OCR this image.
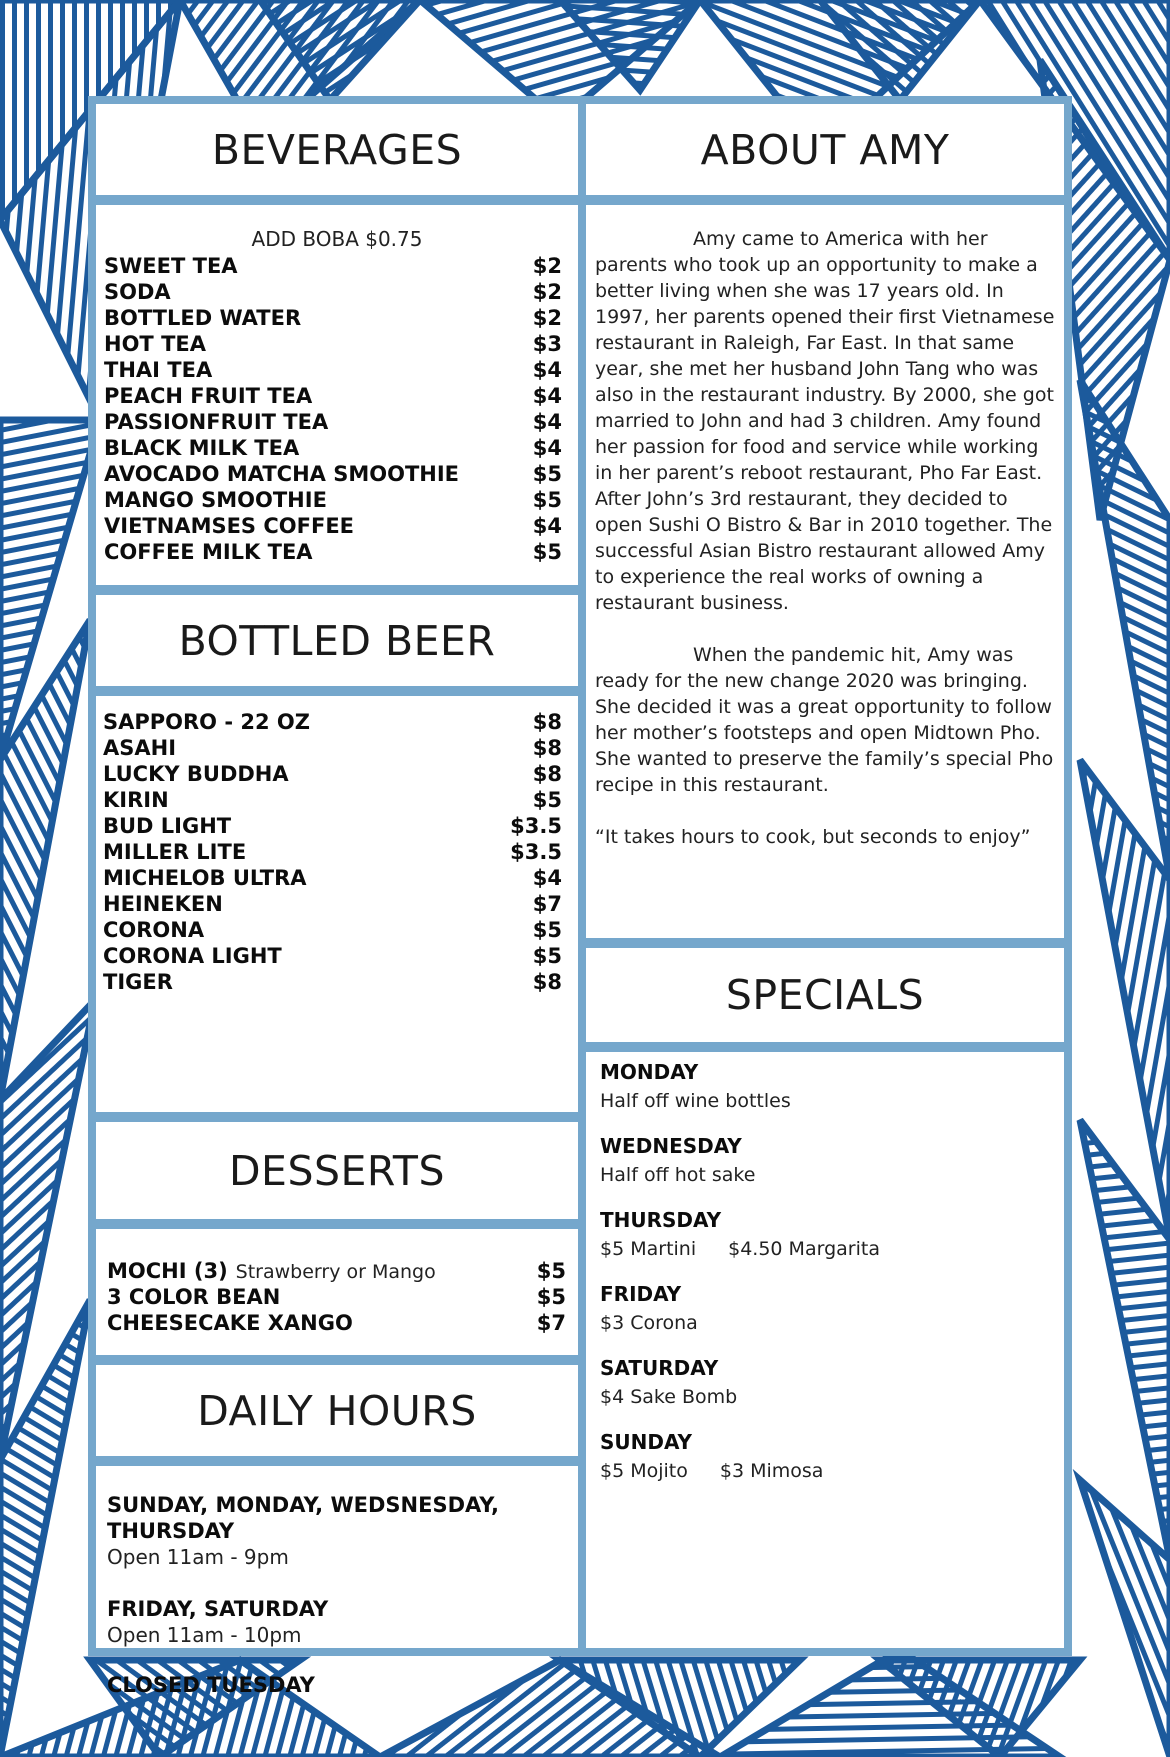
BEVERAGES
ADD BOBA $0.75
SWEET TEA	$2
SODA	$2
BOTTLED WATER	$2
HOT TEA	$3
THAI TEA	$4
PEACH FRUIT TEA	$4
PASSIONFRUIT TEA	$4
BLACK MILK TEA	$4
AVOCADO MATCHA SMOOTHIE	$5
MANGO SMOOTHIE	$5
VIETNAMSES COFFEE	$4
COFFEE MILK TEA	$5
BOTTLED BEER
SAPPORO - 22 OZ	$8
ASAHI	$8
LUCKY BUDDHA	$8
KIRIN	$5
BUD LIGHT	$3.5
MILLER LITE	$3.5
MICHELOB ULTRA	$4
HEINEKEN	$7
CORONA	$5
CORONA LIGHT	$5
TIGER	$8
DESSERTS
MOCHI (3) Strawberry or Mango	$5
3 COLOR BEAN	$5
CHEESECAKE XANGO	$7
DAILY HOURS
SUNDAY, MONDAY, WEDSNESDAY, THURSDAY
Open 11am - 9pm
FRIDAY, SATURDAY
Open 11am - 10pm
CLOSED TUESDAY
ABOUT AMY

Amy came to America with her parents who took up an opportunity to make a better living when she was 17 years old. In 1997, her parents opened their first Vietnamese restaurant in Raleigh, Far East. In that same year, she met her husband John Tang who was also in the restaurant industry. By 2000, she got married to John and had 3 children. Amy found her passion for food and service while working in her parent’s reboot restaurant, Pho Far East. After John’s 3rd restaurant, they decided to open Sushi O Bistro & Bar in 2010 together. The successful Asian Bistro restaurant allowed Amy to experience the real works of owning a restaurant business.

When the pandemic hit, Amy was ready for the new change 2020 was bringing. She decided it was a great opportunity to follow her mother’s footsteps and open Midtown Pho. She wanted to preserve the family’s special Pho recipe in this restaurant.

“It takes hours to cook, but seconds to enjoy”

SPECIALS
MONDAY
Half off wine bottles
WEDNESDAY
Half off hot sake
THURSDAY
$5 Martini $4.50 Margarita
FRIDAY
$3 Corona
SATURDAY
$4 Sake Bomb
SUNDAY
$5 Mojito $3 Mimosa
